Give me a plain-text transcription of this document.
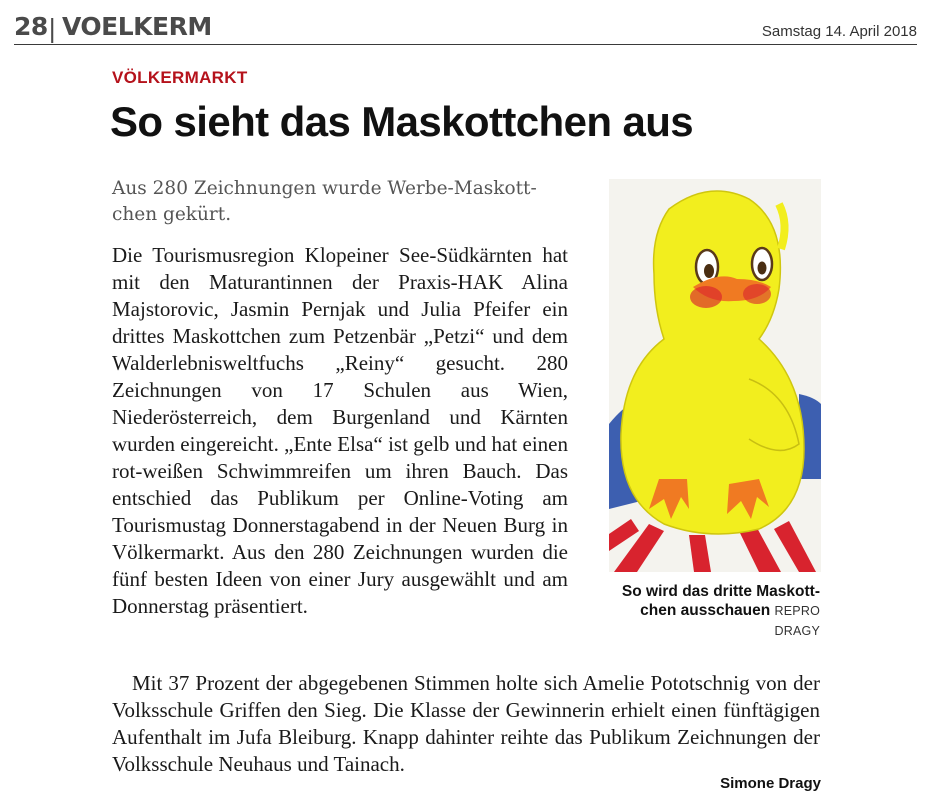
28 | VOELKERM	Samstag 14. April 2018
VÖLKERMARKT
So sieht das Maskottchen aus
Aus 280 Zeichnungen wurde Werbe-Maskott-chen gekürt.

Die Tourismusregion Klopeiner See-Südkärnten hat mit den Maturantinnen der Praxis-HAK Alina Majstorovic, Jasmin Pernjak und Julia Pfeifer ein drittes Maskottchen zum Petzenbär „Petzi“ und dem Walderlebnisweltfuchs „Reiny“ gesucht. 280 Zeichnungen von 17 Schulen aus Wien, Niederösterreich, dem Burgenland und Kärnten wurden eingereicht. „Ente Elsa“ ist gelb und hat einen rot-weißen Schwimmreifen um ihren Bauch. Das entschied das Publikum per Online-Voting am Tourismustag Donnerstagabend in der Neuen Burg in Völkermarkt. Aus den 280 Zeichnungen wurden die fünf besten Ideen von einer Jury ausgewählt und am Donnerstag präsentiert.

So wird das dritte Maskott-chen ausschauen REPRO DRAGY

Mit 37 Prozent der abgegebenen Stimmen holte sich Amelie Pototschnig von der Volksschule Griffen den Sieg. Die Klasse der Gewinnerin erhielt einen fünftägigen Aufenthalt im Jufa Bleiburg. Knapp dahinter reihte das Publikum Zeichnungen der Volksschule Neuhaus und Tainach.

Simone Dragy
